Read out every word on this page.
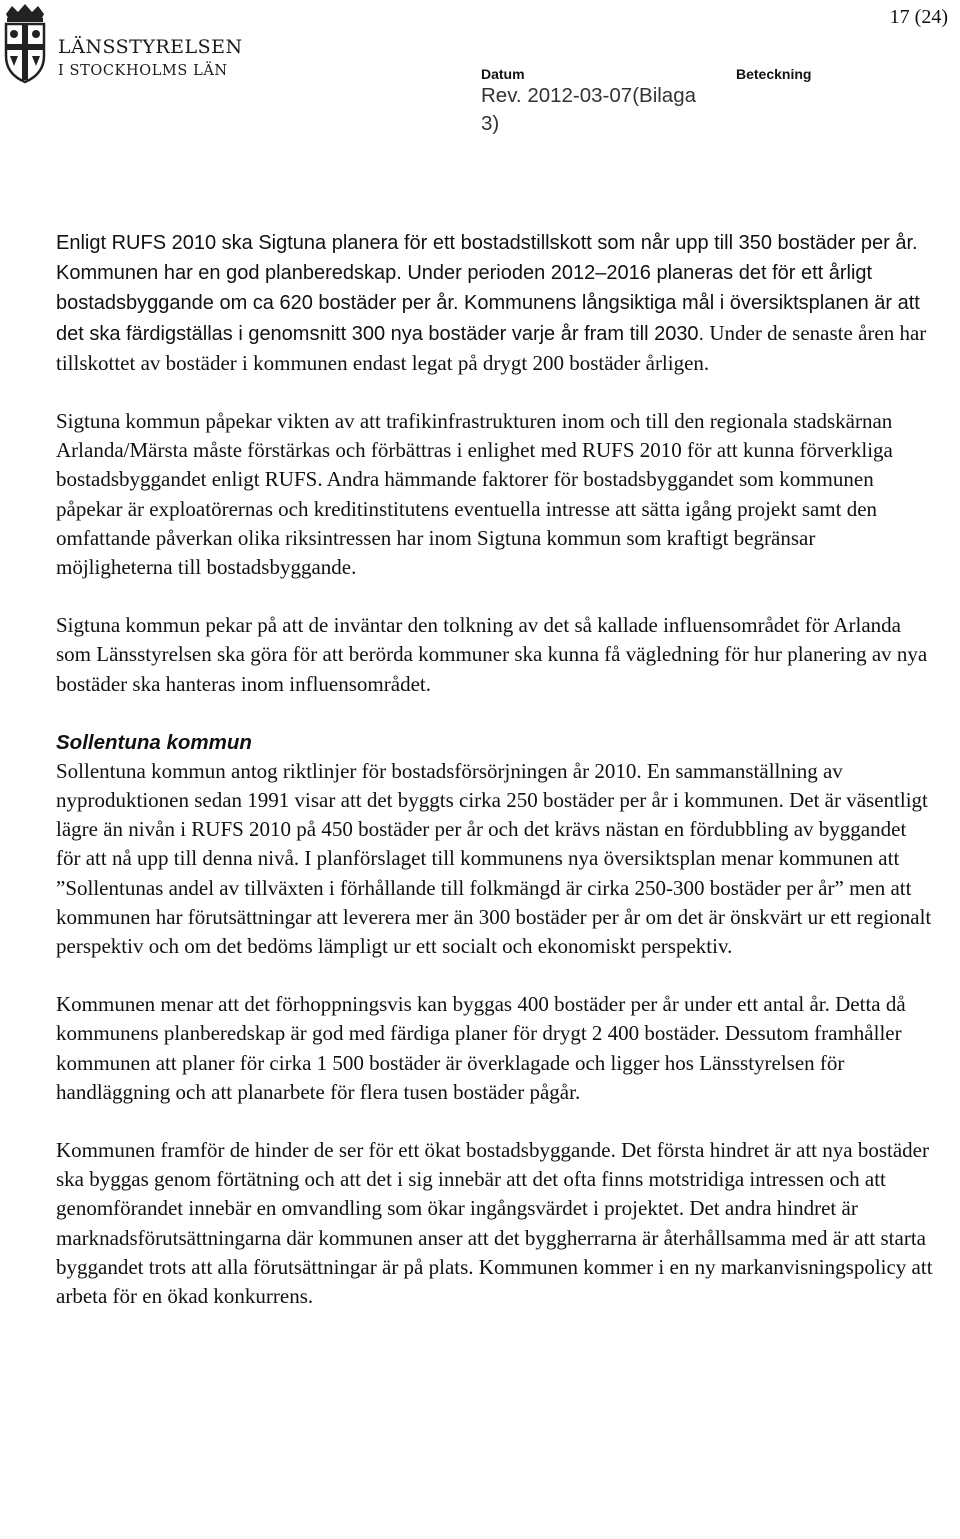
LÄNSSTYRELSEN
I STOCKHOLMS LÄN
17 (24)
Datum
Rev. 2012-03-07(Bilaga 3)
Beteckning

Enligt RUFS 2010 ska Sigtuna planera för ett bostadstillskott som når upp till 350 bostäder per år. Kommunen har en god planberedskap. Under perioden 2012–2016 planeras det för ett årligt bostadsbyggande om ca 620 bostäder per år. Kommunens långsiktiga mål i översiktsplanen är att det ska färdigställas i genomsnitt 300 nya bostäder varje år fram till 2030. Under de senaste åren har tillskottet av bostäder i kommunen endast legat på drygt 200 bostäder årligen.

Sigtuna kommun påpekar vikten av att trafikinfrastrukturen inom och till den regionala stadskärnan Arlanda/Märsta måste förstärkas och förbättras i enlighet med RUFS 2010 för att kunna förverkliga bostadsbyggandet enligt RUFS. Andra hämmande faktorer för bostadsbyggandet som kommunen påpekar är exploatörernas och kreditinstitutens eventuella intresse att sätta igång projekt samt den omfattande påverkan olika riksintressen har inom Sigtuna kommun som kraftigt begränsar möjligheterna till bostadsbyggande.

Sigtuna kommun pekar på att de inväntar den tolkning av det så kallade influensområdet för Arlanda som Länsstyrelsen ska göra för att berörda kommuner ska kunna få vägledning för hur planering av nya bostäder ska hanteras inom influensområdet.

Sollentuna kommun

Sollentuna kommun antog riktlinjer för bostadsförsörjningen år 2010. En sammanställning av nyproduktionen sedan 1991 visar att det byggts cirka 250 bostäder per år i kommunen. Det är väsentligt lägre än nivån i RUFS 2010 på 450 bostäder per år och det krävs nästan en fördubbling av byggandet för att nå upp till denna nivå. I planförslaget till kommunens nya översiktsplan menar kommunen att ”Sollentunas andel av tillväxten i förhållande till folkmängd är cirka 250-300 bostäder per år” men att kommunen har förutsättningar att leverera mer än 300 bostäder per år om det är önskvärt ur ett regionalt perspektiv och om det bedöms lämpligt ur ett socialt och ekonomiskt perspektiv.

Kommunen menar att det förhoppningsvis kan byggas 400 bostäder per år under ett antal år. Detta då kommunens planberedskap är god med färdiga planer för drygt 2 400 bostäder. Dessutom framhåller kommunen att planer för cirka 1 500 bostäder är överklagade och ligger hos Länsstyrelsen för handläggning och att planarbete för flera tusen bostäder pågår.

Kommunen framför de hinder de ser för ett ökat bostadsbyggande. Det första hindret är att nya bostäder ska byggas genom förtätning och att det i sig innebär att det ofta finns motstridiga intressen och att genomförandet innebär en omvandling som ökar ingångsvärdet i projektet. Det andra hindret är marknadsförutsättningarna där kommunen anser att det byggherrarna är återhållsamma med är att starta byggandet trots att alla förutsättningar är på plats. Kommunen kommer i en ny markanvisningspolicy att arbeta för en ökad konkurrens.
